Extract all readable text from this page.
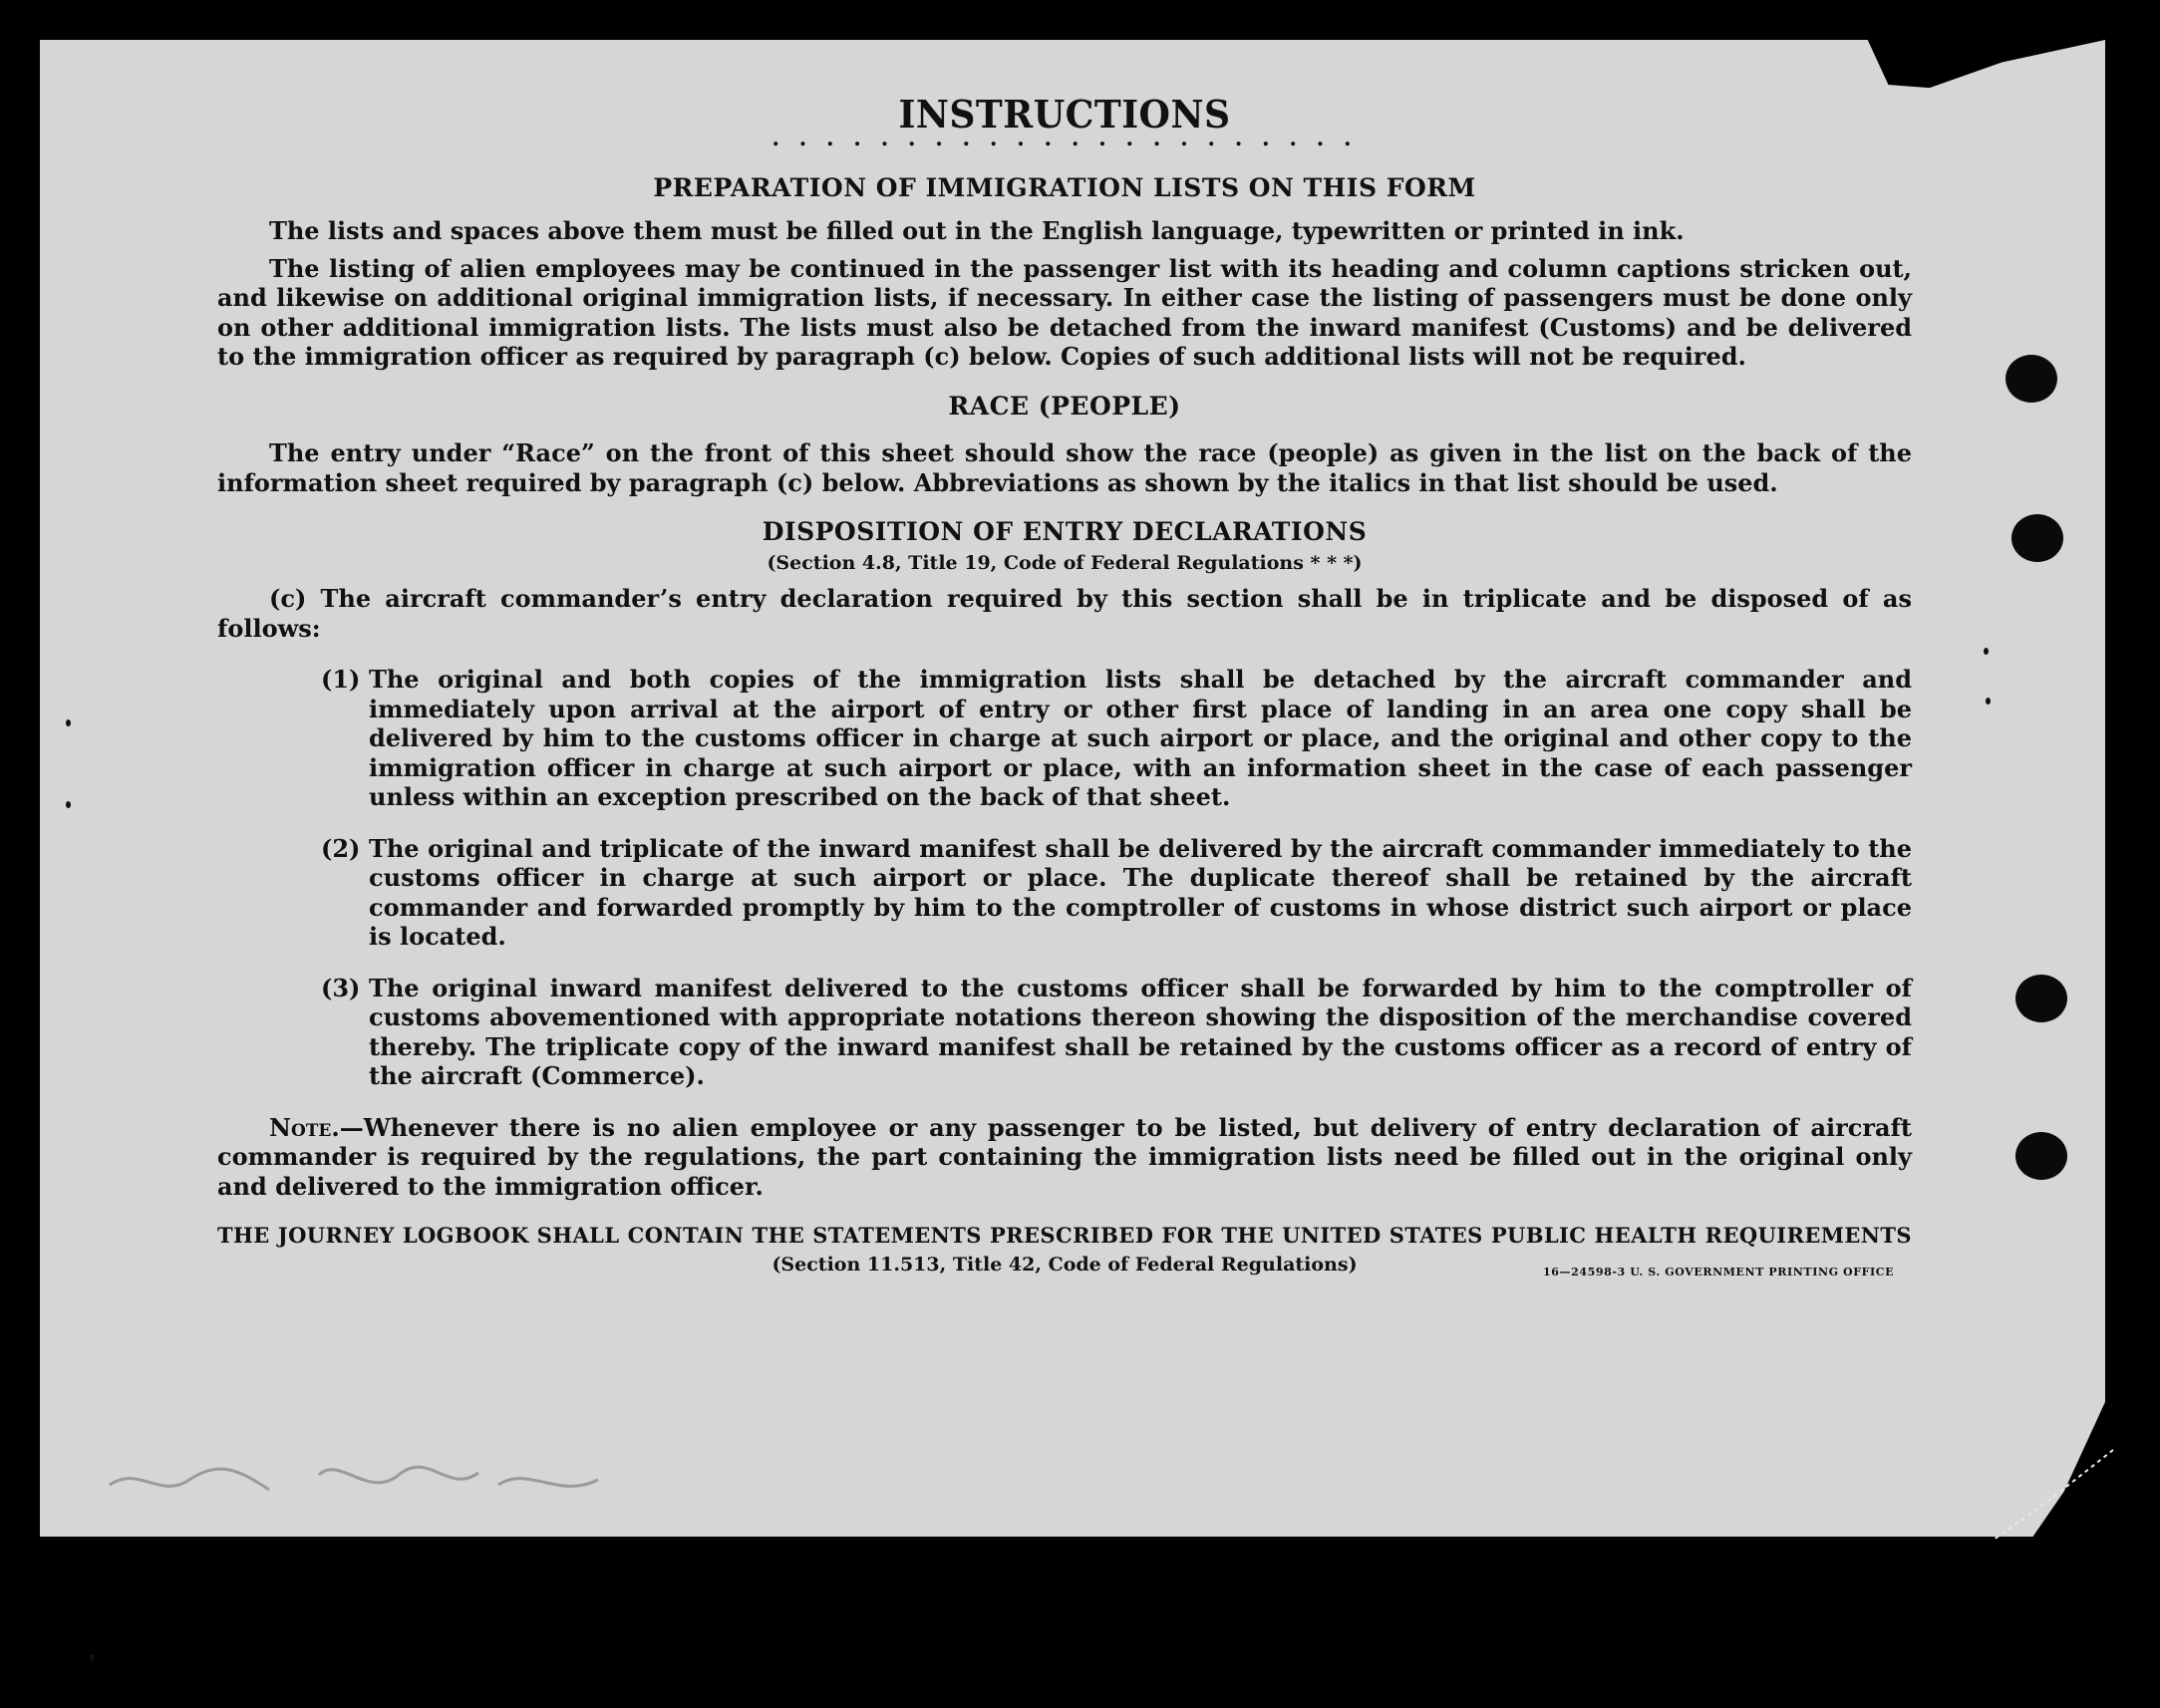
INSTRUCTIONS
. . . . . . . . . . . . . . . . . . . . . .
PREPARATION OF IMMIGRATION LISTS ON THIS FORM

The lists and spaces above them must be filled out in the English language, typewritten or printed in ink.

The listing of alien employees may be continued in the passenger list with its heading and column captions stricken out, and likewise on additional original immigration lists, if necessary. In either case the listing of passengers must be done only on other additional immigration lists. The lists must also be detached from the inward manifest (Customs) and be delivered to the immigration officer as required by paragraph (c) below. Copies of such additional lists will not be required.

RACE (PEOPLE)

The entry under “Race” on the front of this sheet should show the race (people) as given in the list on the back of the information sheet required by paragraph (c) below. Abbreviations as shown by the italics in that list should be used.

DISPOSITION OF ENTRY DECLARATIONS
(Section 4.8, Title 19, Code of Federal Regulations * * *)

(c) The aircraft commander’s entry declaration required by this section shall be in triplicate and be disposed of as follows:

(1) The original and both copies of the immigration lists shall be detached by the aircraft commander and immediately upon arrival at the airport of entry or other first place of landing in an area one copy shall be delivered by him to the customs officer in charge at such airport or place, and the original and other copy to the immigration officer in charge at such airport or place, with an information sheet in the case of each passenger unless within an exception prescribed on the back of that sheet.
(2) The original and triplicate of the inward manifest shall be delivered by the aircraft commander immediately to the customs officer in charge at such airport or place. The duplicate thereof shall be retained by the aircraft commander and forwarded promptly by him to the comptroller of customs in whose district such airport or place is located.
(3) The original inward manifest delivered to the customs officer shall be forwarded by him to the comptroller of customs abovementioned with appropriate notations thereon showing the disposition of the merchandise covered thereby. The triplicate copy of the inward manifest shall be retained by the customs officer as a record of entry of the aircraft (Commerce).

Note.—Whenever there is no alien employee or any passenger to be listed, but delivery of entry declaration of aircraft commander is required by the regulations, the part containing the immigration lists need be filled out in the original only and delivered to the immigration officer.

THE JOURNEY LOGBOOK SHALL CONTAIN THE STATEMENTS PRESCRIBED FOR THE UNITED STATES PUBLIC HEALTH REQUIREMENTS
(Section 11.513, Title 42, Code of Federal Regulations)	16—24598-3 U. S. GOVERNMENT PRINTING OFFICE
